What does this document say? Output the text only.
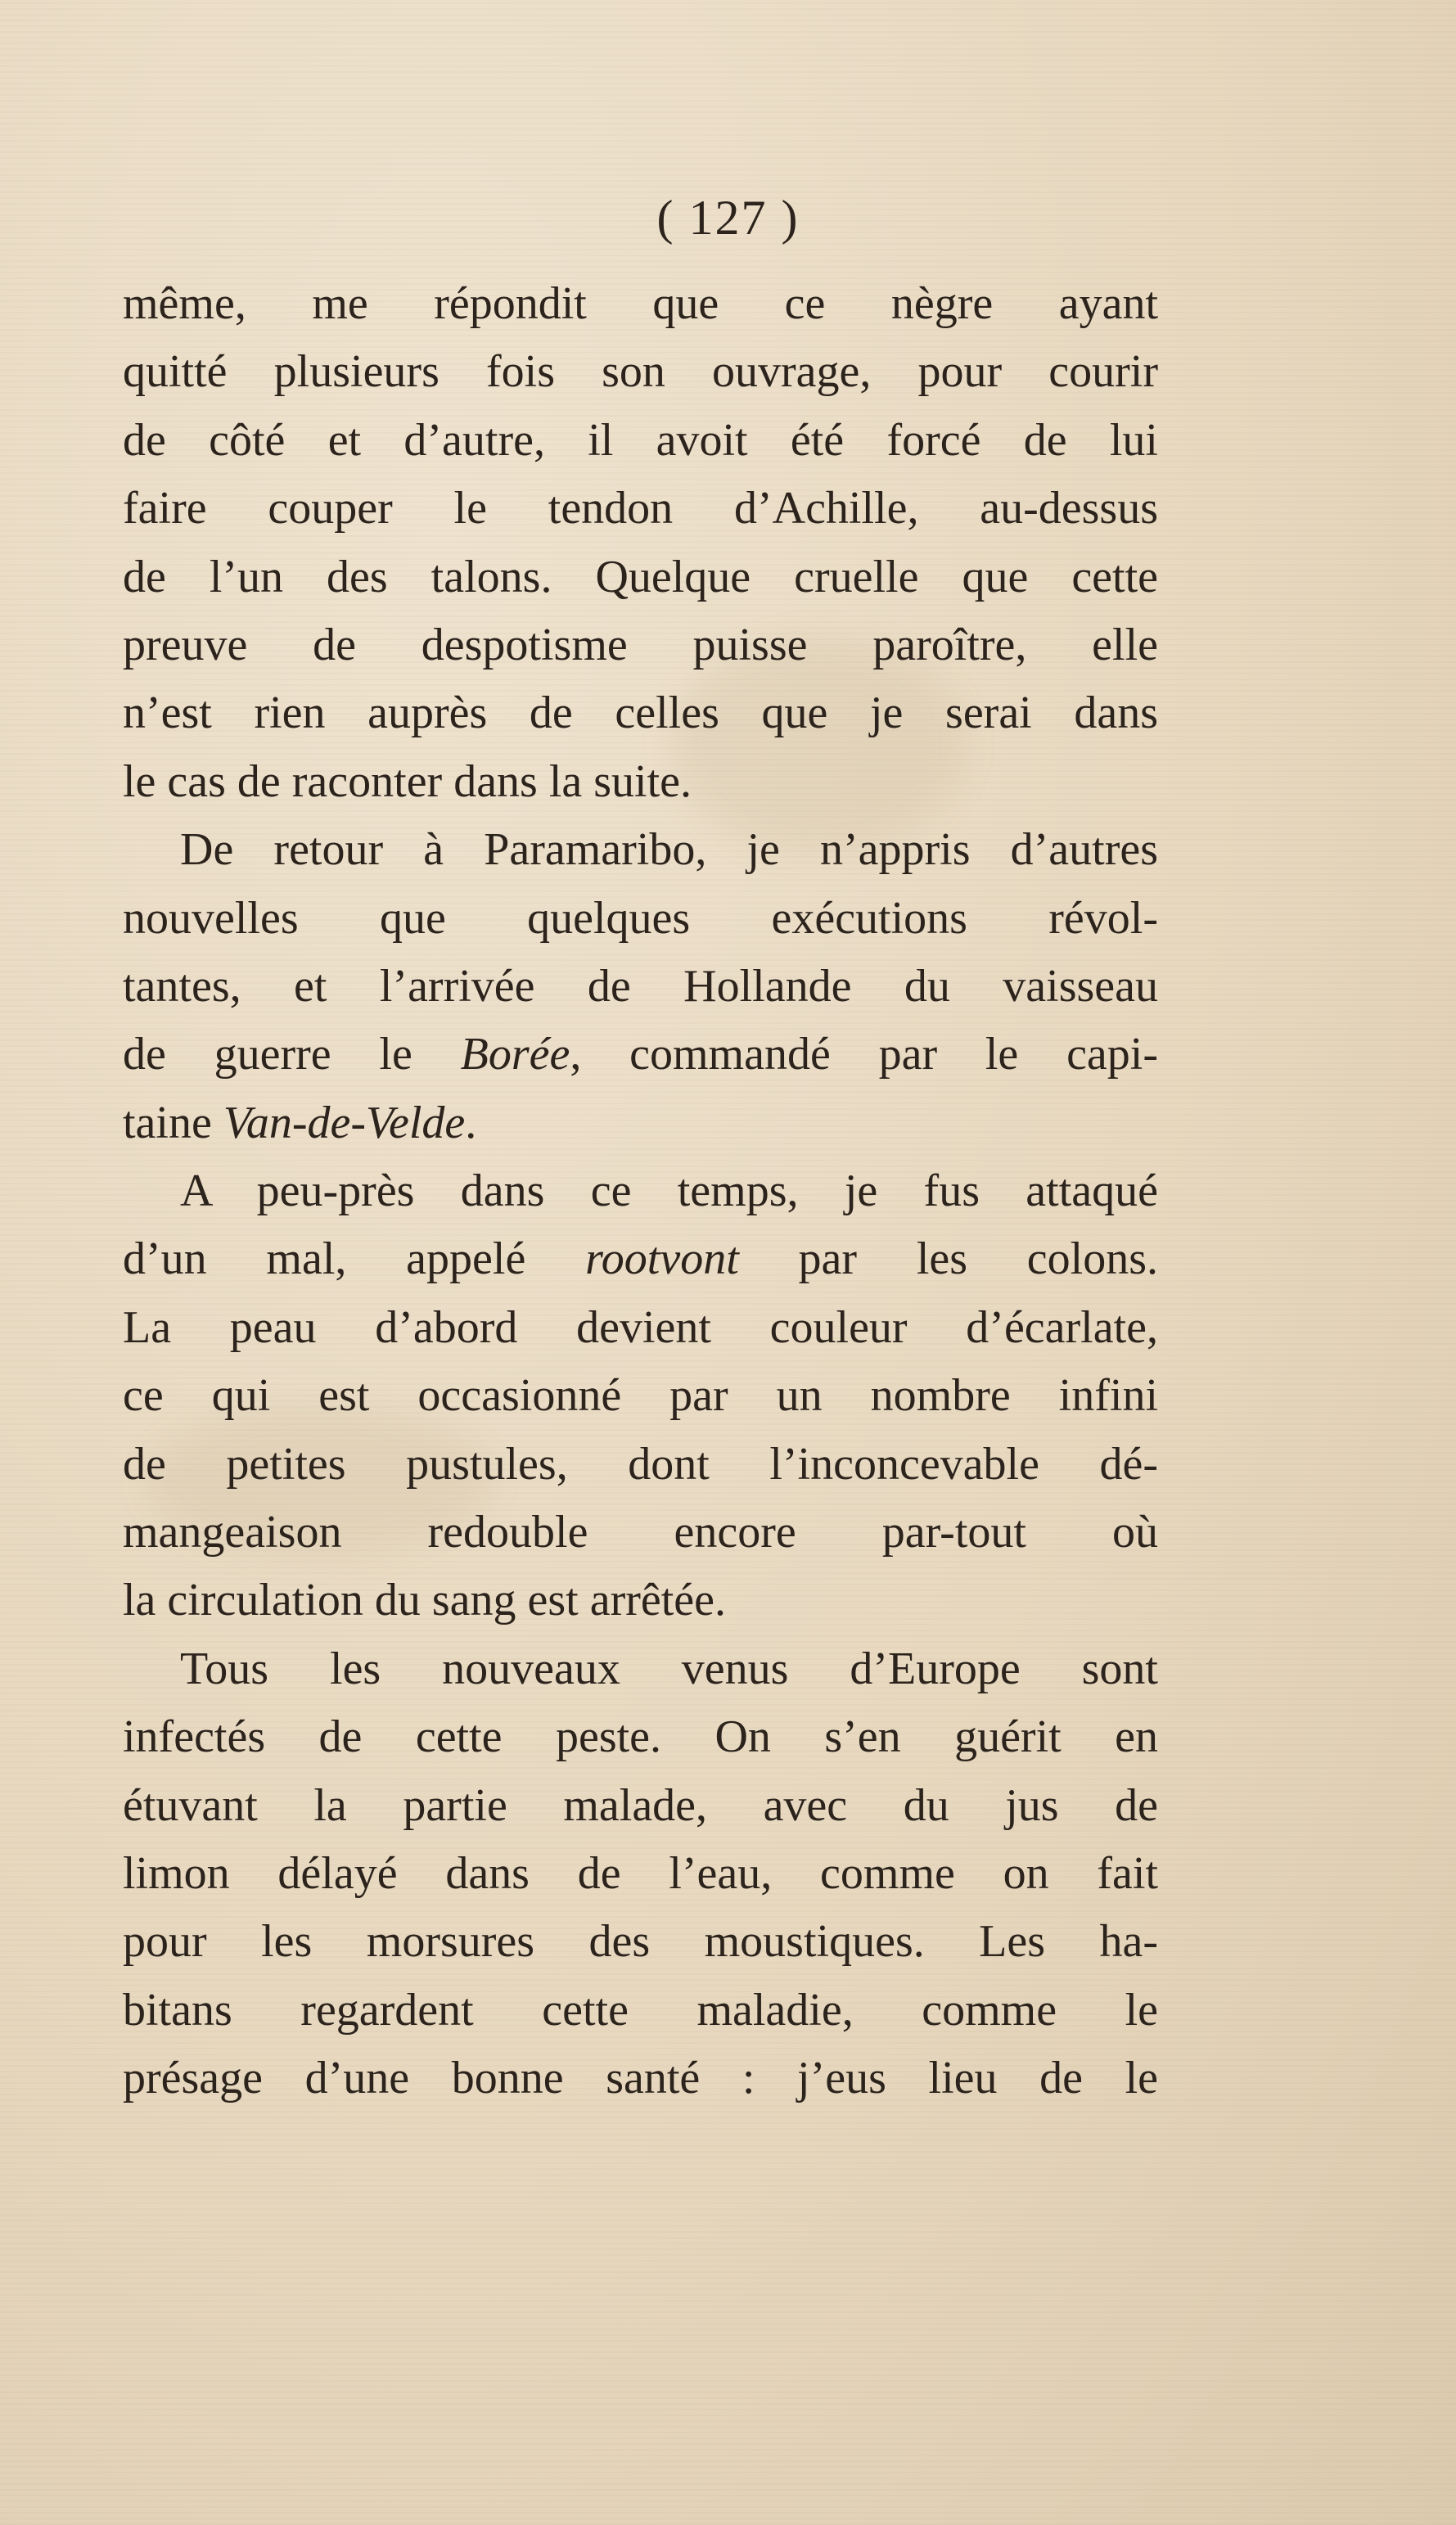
( 127 )
même, me répondit que ce nègre ayant
quitté plusieurs fois son ouvrage, pour courir
de côté et d’autre, il avoit été forcé de lui
faire couper le tendon d’Achille, au-dessus
de l’un des talons. Quelque cruelle que cette
preuve de despotisme puisse paroître, elle
n’est rien auprès de celles que je serai dans
le cas de raconter dans la suite.
De retour à Paramaribo, je n’appris d’autres
nouvelles que quelques exécutions révol-
tantes, et l’arrivée de Hollande du vaisseau
de guerre le Borée, commandé par le capi-
taine Van-de-Velde.
A peu-près dans ce temps, je fus attaqué
d’un mal, appelé rootvont par les colons.
La peau d’abord devient couleur d’écarlate,
ce qui est occasionné par un nombre infini
de petites pustules, dont l’inconcevable dé-
mangeaison redouble encore par-tout où
la circulation du sang est arrêtée.
Tous les nouveaux venus d’Europe sont
infectés de cette peste. On s’en guérit en
étuvant la partie malade, avec du jus de
limon délayé dans de l’eau, comme on fait
pour les morsures des moustiques. Les ha-
bitans regardent cette maladie, comme le
présage d’une bonne santé : j’eus lieu de le
